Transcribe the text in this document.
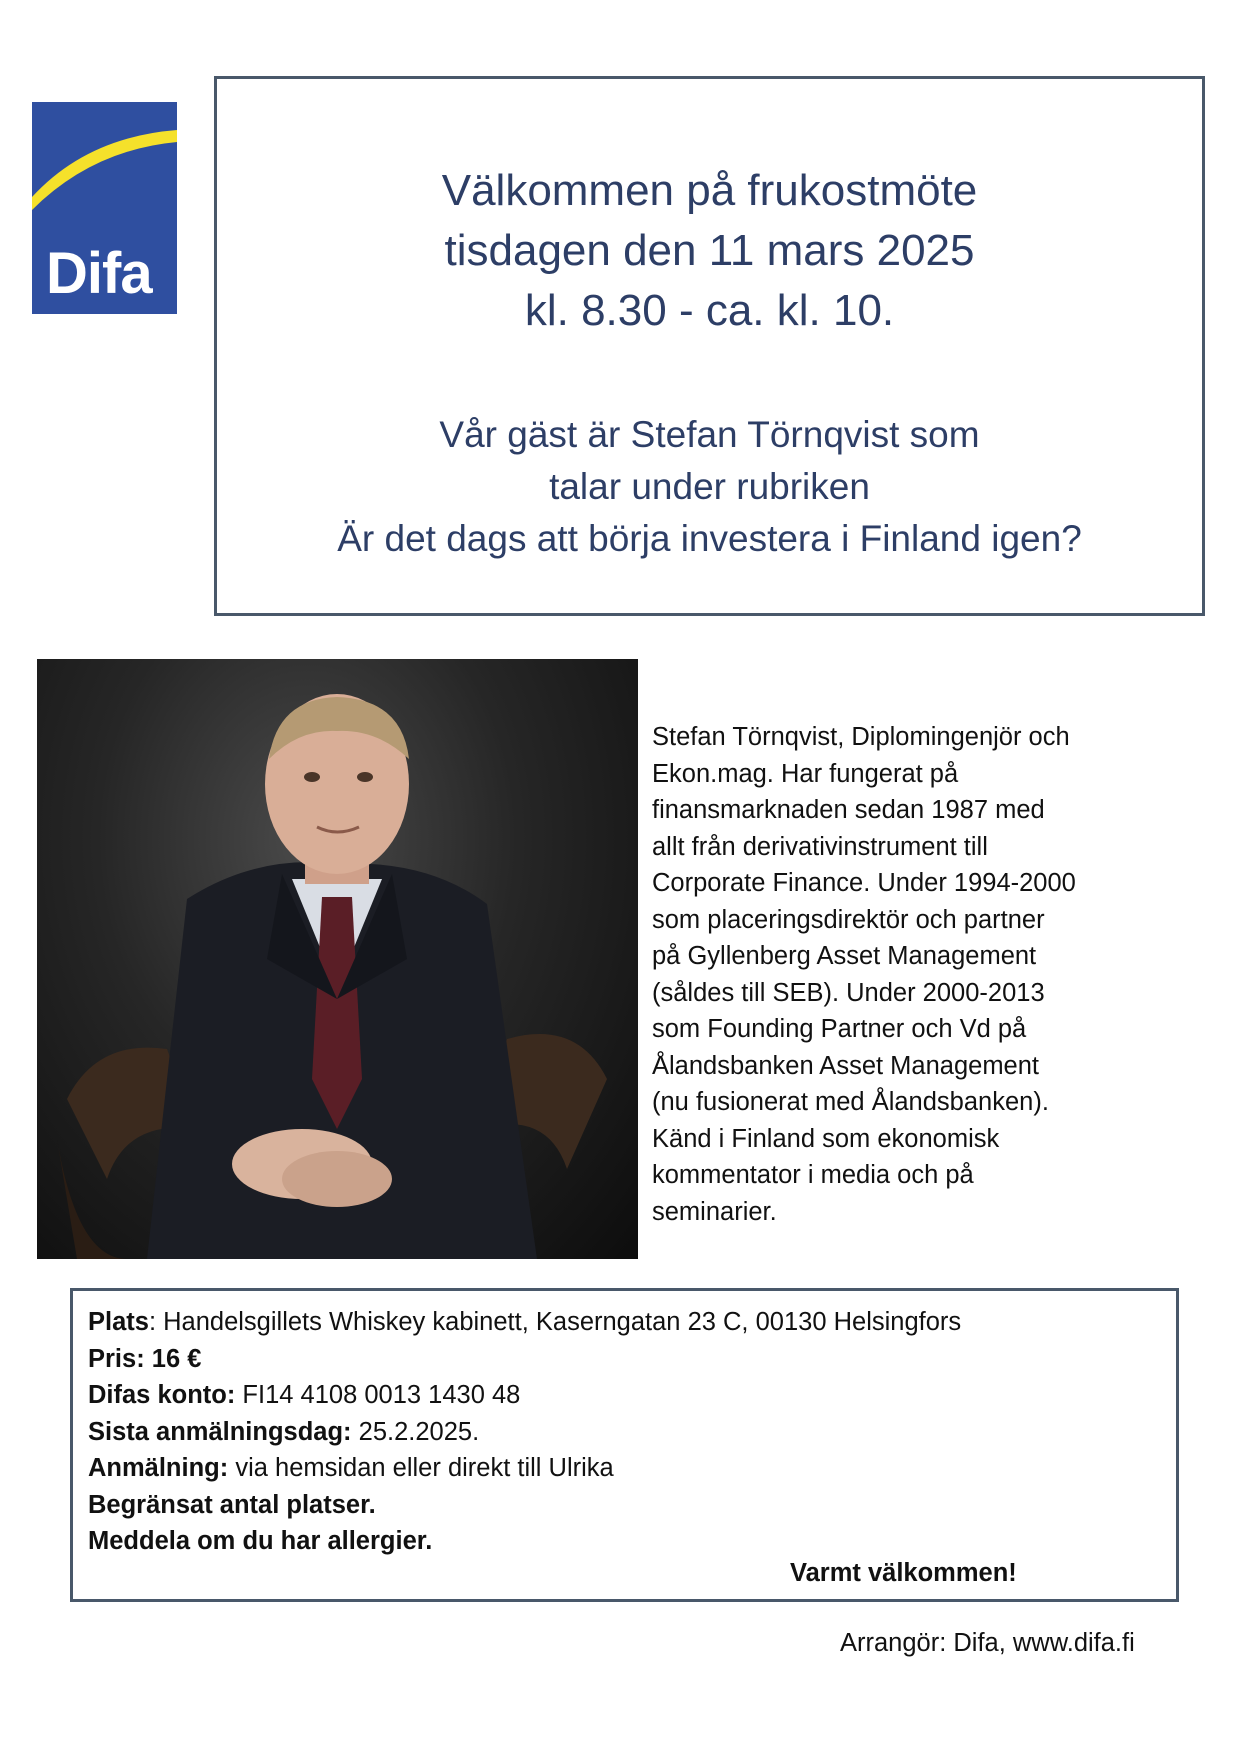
Difa
Välkommen på frukostmöte
tisdagen den 11 mars 2025
kl. 8.30 - ca. kl. 10.
Vår gäst är Stefan Törnqvist som
talar under rubriken
Är det dags att börja investera i Finland igen?
Stefan Törnqvist, Diplomingenjör och
Ekon.mag. Har fungerat på
finansmarknaden sedan 1987 med
allt från derivativinstrument till
Corporate Finance. Under 1994-2000
som placeringsdirektör och partner
på Gyllenberg Asset Management
(såldes till SEB). Under 2000-2013
som Founding Partner och Vd på
Ålandsbanken Asset Management
(nu fusionerat med Ålandsbanken).
Känd i Finland som ekonomisk
kommentator i media och på
seminarier.
Plats: Handelsgillets Whiskey kabinett, Kaserngatan 23 C, 00130 Helsingfors
Pris: 16 €
Difas konto: FI14 4108 0013 1430 48
Sista anmälningsdag: 25.2.2025.
Anmälning: via hemsidan eller direkt till Ulrika
Begränsat antal platser.
Meddela om du har allergier.
Varmt välkommen!
Arrangör: Difa, www.difa.fi
